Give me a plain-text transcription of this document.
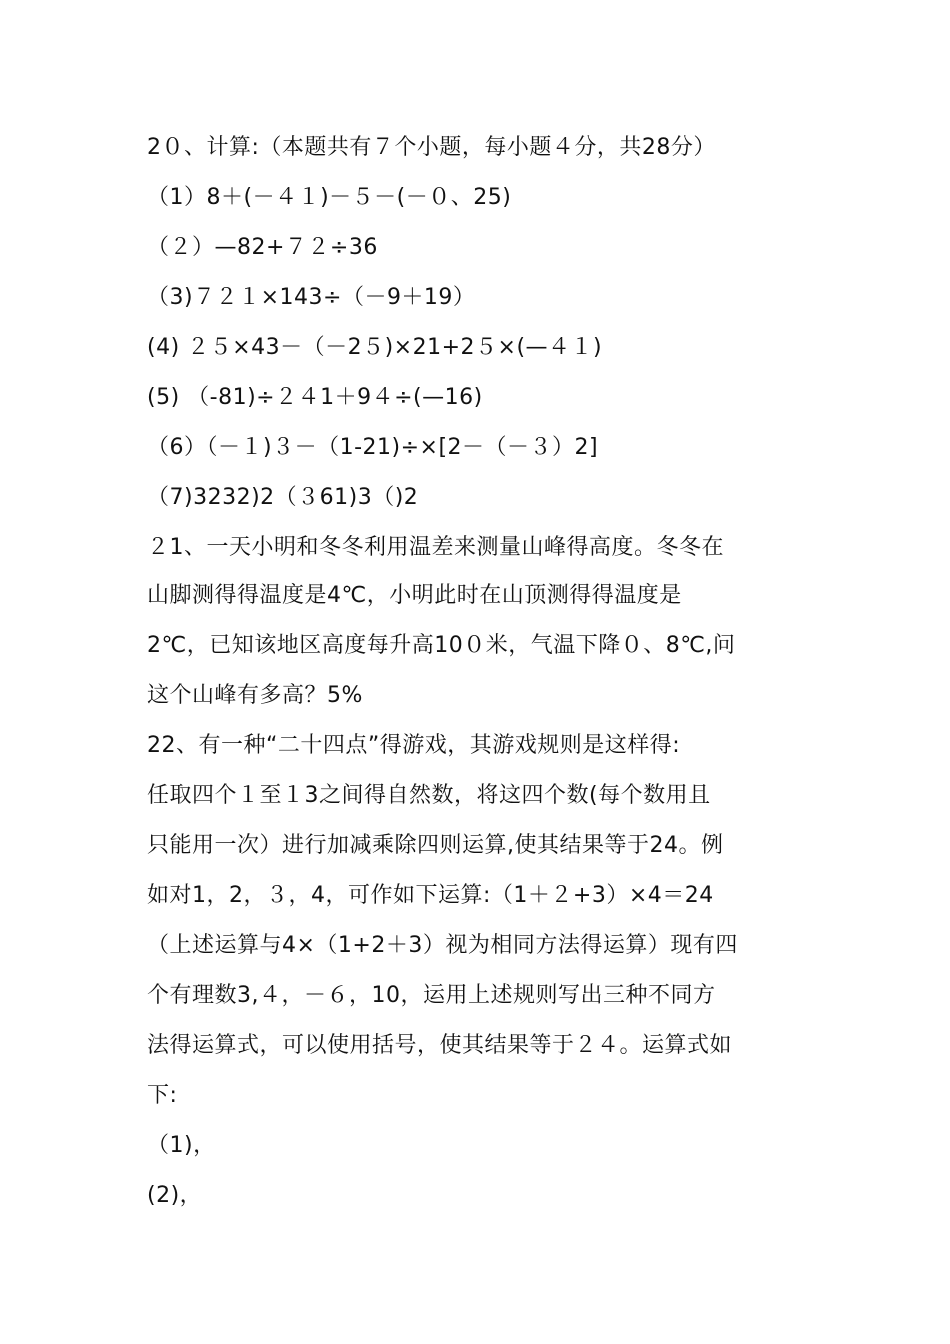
2０、计算:（本题共有７个小题，每小题４分，共28分）
（1）8＋(－４１)－５－(－０、25)
（２）—82+７２÷36
（3)７２１×143÷（－9＋19）
(4) ２５×43－（－2５)×21+2５×(—４１)
(5) （-81)÷２４1＋9４÷(—16)
（6）（－１)３－（1-21)÷×[2－（－３）2]
（7)3232)2（３61)3（)2
２1、一天小明和冬冬利用温差来测量山峰得高度。冬冬在
山脚测得得温度是4℃，小明此时在山顶测得得温度是
2℃，已知该地区高度每升高10０米，气温下降０、8℃,问
这个山峰有多高？5%
22、有一种“二十四点”得游戏，其游戏规则是这样得:
任取四个１至１3之间得自然数，将这四个数(每个数用且
只能用一次）进行加减乘除四则运算,使其结果等于24。例
如对1，2，３，4，可作如下运算:（1＋２+3）×4＝24
（上述运算与4×（1+2＋3）视为相同方法得运算）现有四
个有理数3,４，－６，10，运用上述规则写出三种不同方
法得运算式，可以使用括号，使其结果等于２４。运算式如
下:
（1)，
(2)，
